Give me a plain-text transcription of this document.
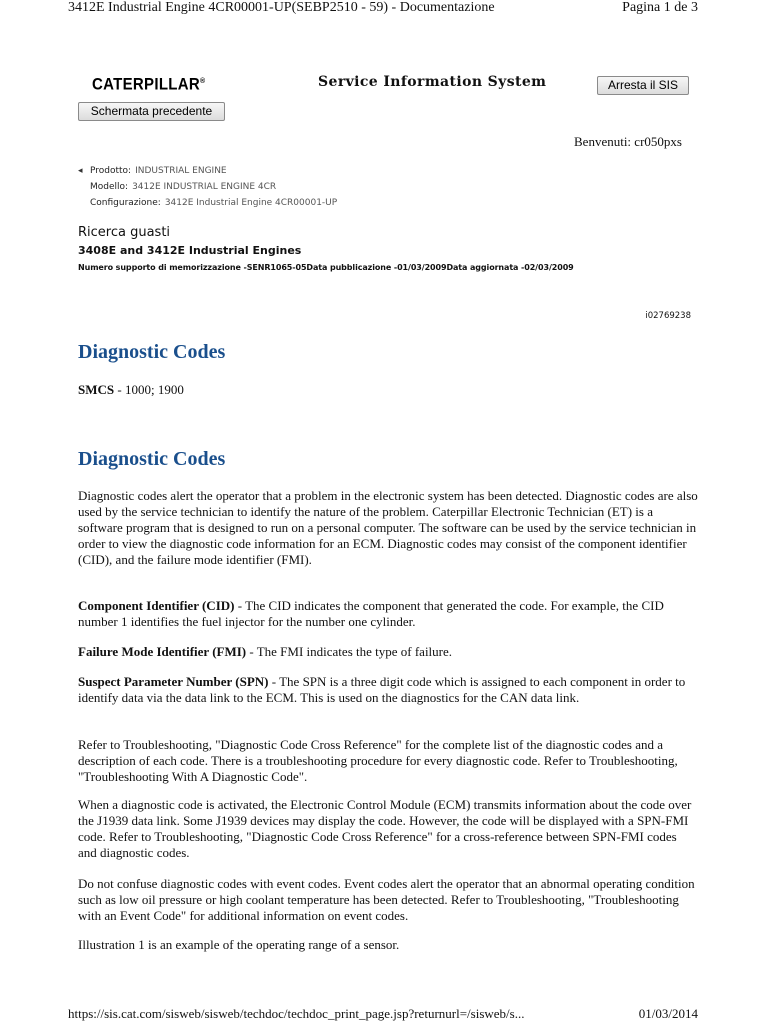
3412E Industrial Engine 4CR00001-UP(SEBP2510 - 59) - Documentazione	Pagina 1 de 3
CATERPILLAR®	Service Information System	Arresta il SIS
Schermata precedente
Benvenuti: cr050pxs
◂ Prodotto: INDUSTRIAL ENGINE
Modello: 3412E INDUSTRIAL ENGINE 4CR
Configurazione: 3412E Industrial Engine 4CR00001-UP
Ricerca guasti
3408E and 3412E Industrial Engines
Numero supporto di memorizzazione -SENR1065-05Data pubblicazione -01/03/2009Data aggiornata -02/03/2009
i02769238
Diagnostic Codes
SMCS - 1000; 1900
Diagnostic Codes

Diagnostic codes alert the operator that a problem in the electronic system has been detected. Diagnostic codes are also used by the service technician to identify the nature of the problem. Caterpillar Electronic Technician (ET) is a software program that is designed to run on a personal computer. The software can be used by the service technician in order to view the diagnostic code information for an ECM. Diagnostic codes may consist of the component identifier (CID), and the failure mode identifier (FMI).

Component Identifier (CID) - The CID indicates the component that generated the code. For example, the CID number 1 identifies the fuel injector for the number one cylinder.

Failure Mode Identifier (FMI) - The FMI indicates the type of failure.

Suspect Parameter Number (SPN) - The SPN is a three digit code which is assigned to each component in order to identify data via the data link to the ECM. This is used on the diagnostics for the CAN data link.

Refer to Troubleshooting, "Diagnostic Code Cross Reference" for the complete list of the diagnostic codes and a description of each code. There is a troubleshooting procedure for every diagnostic code. Refer to Troubleshooting, "Troubleshooting With A Diagnostic Code".

When a diagnostic code is activated, the Electronic Control Module (ECM) transmits information about the code over the J1939 data link. Some J1939 devices may display the code. However, the code will be displayed with a SPN-FMI code. Refer to Troubleshooting, "Diagnostic Code Cross Reference" for a cross-reference between SPN-FMI codes and diagnostic codes.

Do not confuse diagnostic codes with event codes. Event codes alert the operator that an abnormal operating condition such as low oil pressure or high coolant temperature has been detected. Refer to Troubleshooting, "Troubleshooting with an Event Code" for additional information on event codes.

Illustration 1 is an example of the operating range of a sensor.

https://sis.cat.com/sisweb/sisweb/techdoc/techdoc_print_page.jsp?returnurl=/sisweb/s...	01/03/2014
